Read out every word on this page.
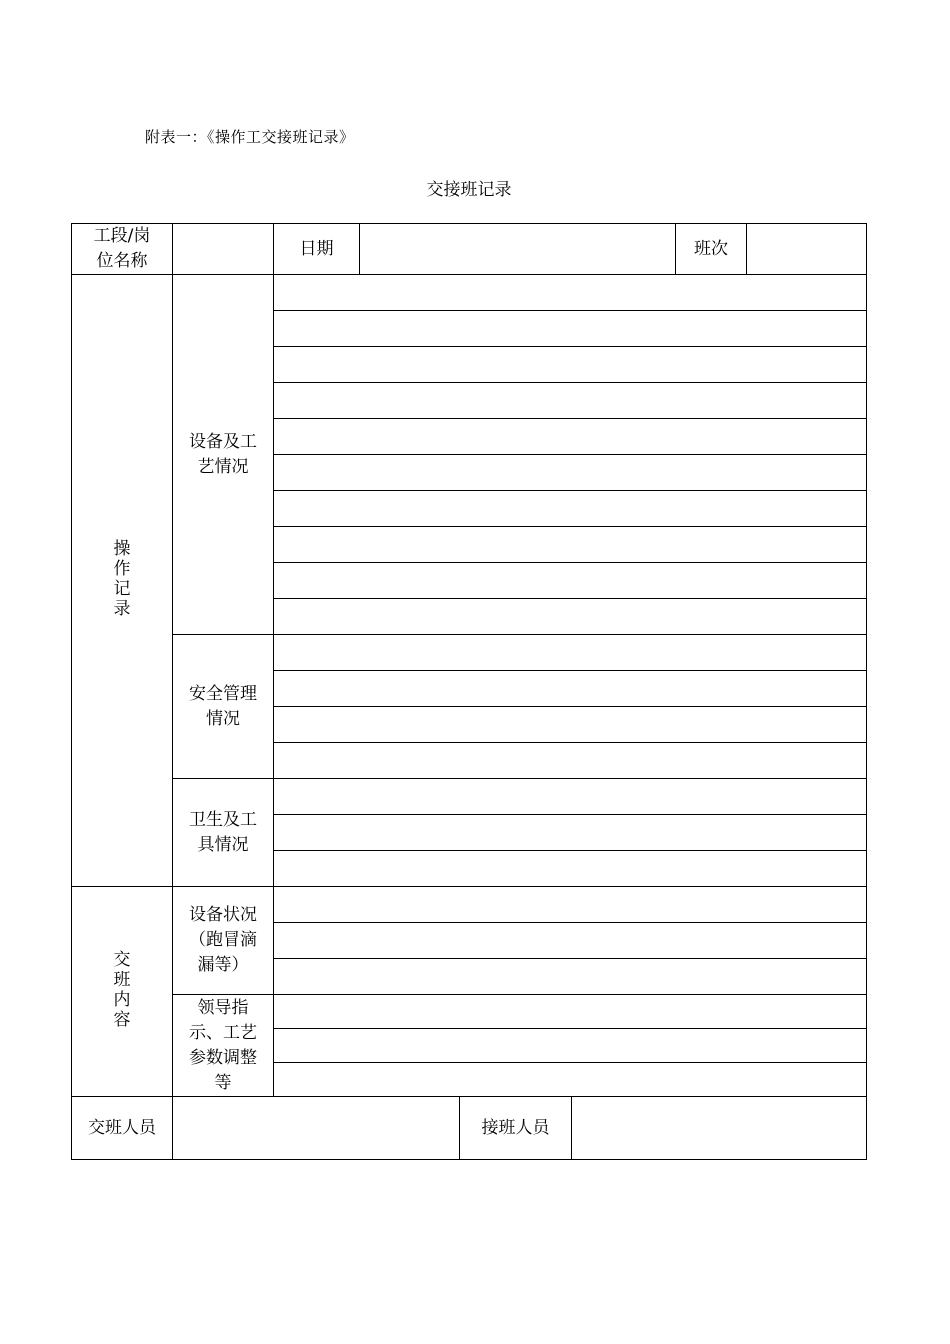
附表一：《操作工交接班记录》
交接班记录
工段/岗位名称		日期				班次	
操作记录	设备及工艺情况						

	安全管理情况						

	卫生及工具情况						

交班内容	设备状况（跑冒滴漏等）						

	领导指示、工艺参数调整等						

交班人员				接班人员			
